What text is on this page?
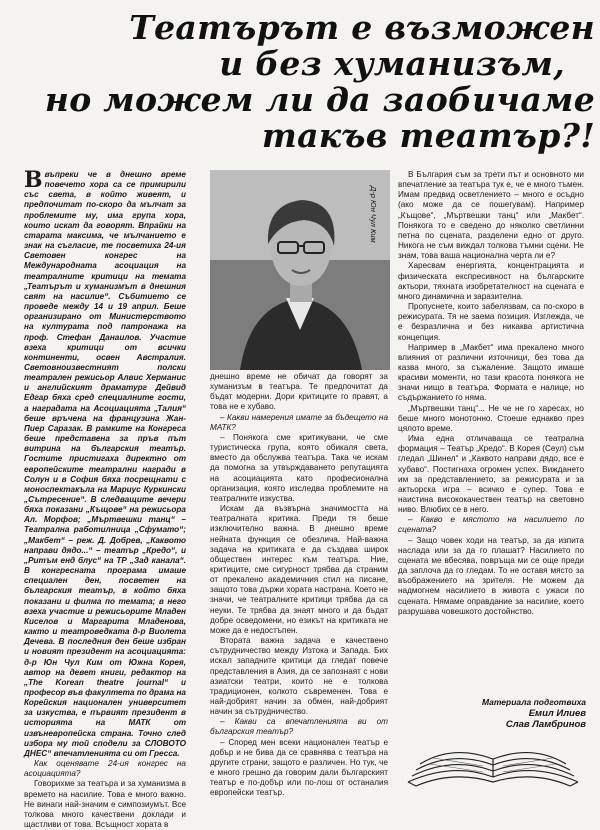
Театърът е възможен
и без хуманизъм,
но можем ли да заобичаме
такъв театър?!

Ввъпреки че в днешно време повечето хора са се примирили със света, в който живеят, и предпочитат по-скоро да мълчат за проблемите му, има група хора, които искат да говорят. Впрайки на старата максима, че мълчанието е знак на съгласие, те посветиха 24-ия Световен конгрес на Международната асоциация на театралните критици на темата „Театърът и хуманизмът в днешния свят на насилие“. Събитието се проведе между 14 и 19 април. Беше организирано от Министерството на културата под патронажа на проф. Стефан Данаилов. Участие взеха критици от всички континенти, освен Австралия. Световноизвестният полски театрален режисьор Алвис Херманис и английският драматург Дейвид Едгар бяха сред специалните гости, а наградата на Асоциацията „Талия“ беше връчена на французина Жан-Пиер Саразак. В рамките на Конгреса беше представена за пръв път витрина на българския театър. Гостите пристигаха директно от европейските театрални награди в Солун и в София бяха посрещнати с моноспектакъла на Мариус Куркински „Сътресение“. В следващите вечери бяха показани „Къщове“ на режисьора Ал. Морфов; „Мъртвешки танц“ – Театрална работилница „Сфумато“; „Макбет“ – реж. Д. Добрев, „Каквото направи дядо...“ – театър „Кредо“, и „Ритъм енд блус“ на ТР „Зад канала“. В конгресната програма имаше специален ден, посветен на българския театър, в който бяха показани и филма по темата; в него взеха участие и режисьорите Младен Киселов и Маргарита Младенова, както и театроведката д-р Виолета Дечева. В последния ден беше избран и новият президент на асоциацията: д-р Юн Чул Ким от Южна Корея, автор на девет книги, редактор на „The Korean theatre journal“ и професор във факултета по драма на Корейския национален университет за изкуства, е първият президент в историята на МАТК от извъневропейска страна. Точно след изборa му той сподели за СЛОВОТО ДНЕС“ впечатленията си от Гресса.

Как оценявате 24-ия конгрес на асоциацията?

Говорихме за театъра и за хуманизма в времето на насилие. Това е много важно. Не винаги най-значим е симпозиумът. Все толкова много качествени доклади и щастливи от това. Всъщност хората в

Д-р Юн Чул Ким

днешно време не обичат да говорят за хуманизъм в театъра. Те предпочитат да бъдат модерни. Дори критиците го правят, а това не е хубаво.

– Какви намерения имате за бъдещето на МАТК?

– Понякога сме критикувани, че сме туристическа група, която обикаля света, вместо да обслужва театъра. Така че искам да помогна за утвърждаването репутацията на асоциацията като професионална организация, която изследва проблемите на театралните изкуства.

Искам да възвърна значимостта на театралната критика. Преди тя беше изключително важна. В днешно време нейната функция се обезлича. Най-важна задача на критиката е да създава широк обществен интерес към театъра. Ние, критиците, сме сигурност трябва да страним от прекалено академичния стил на писане, защото това държи хората настрана. Което не значи, че театралните критици трябва да са неуки. Те трябва да знаят много и да бъдат добре осведомени, но езикът на критиката не може да е недостъпен.

Втората важна задача е качествено сътрудничество между Изтока и Запада. Бих искал западните критици да гледат повече представления в Азия, да се запознаят с нови азиатски театри, които не е толкова традиционен, колкото съвременен. Това е най-добрият начин за обмен, най-добрият начин за сътрудничество.

– Какви са впечатленията ви от българския театър?

– Според мен всеки национален театър е добър и не бива да се сравнява с театъра на другите страни, защото е различен. Но тук, че е много грешно да говорим дали българският театър е по-добър или по-лош от останалия европейски театър.

В България съм за трети път и основното ми впечатление за театъра тук е, че е много тъмен. Имам предвид осветлението – много е осъдно (ако може да се пошегувам). Например „Къщове“, „Мъртвешки танц“ или „Макбет“. Понякога то е сведено до няколко светлинни петна по сцената, разделени едно от друго. Никога не съм виждал толкова тъмни сцени. Не знам, това ваша национална черта ли е?

Харесвам енергията, концентрацията и физическата експресивност на българските актьори, тяхната изобретателност на сцената е много динамична и заразителна.

Пропуснете, които забелязвам, са по-скоро в режисурата. Тя не заема позиция. Изглежда, че е безразлична и без никаква артистична концепция.

Например в „Макбет“ има прекалено много влияния от различни източници, без това да казва много, за съжаление. Защото имаше красиви моменти, но тази красота понякога не значи нищо в театъра. Формата е налице, но съдържанието го няма.

„Мъртвешки танц“... Не че не го харесах, но беше много монотонно. Стоеше еднакво през цялото време.

Има една отличаваща се театрална формация – Театър „Кредо“. В Корея (Сеул) съм гледал „Шинел“ и „Каквото направи дядо, все е хубаво“. Постигнаха огромен успех. Виждането им за представлението, за режисурата и за актьорска игра – всичко е супер. Това е наистина висококачествен театър на световно ниво. Влюбих се в него.

– Какво е мястото на насилието по сцената?

– Защо човек ходи на театър, за да изпита наслада или за да го плашат? Насилието по сцената ме вбесява, повръща ми се още преди да заплоча да го гледам. То не оставя място за въображението на зрителя. Не можем да надмогнем насилието в живота с ужаси по сцената. Нямаме оправдание за насилие, което разрушава човешкото достойнство.

Материала подготвиха
Емил Илиев
Слав Ламбринов
